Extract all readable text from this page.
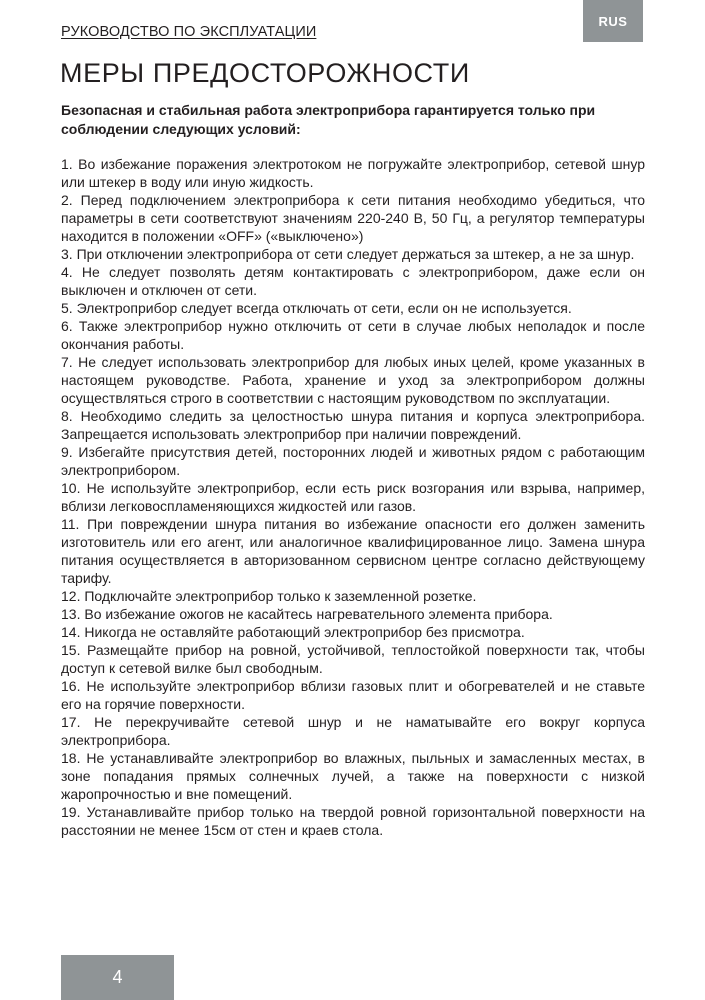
RUS
РУКОВОДСТВО ПО ЭКСПЛУАТАЦИИ
МЕРЫ ПРЕДОСТОРОЖНОСТИ

Безопасная и стабильная работа электроприбора гарантируется только при соблюдении следующих условий:

1. Во избежание поражения электротоком не погружайте электроприбор, сетевой шнур или штекер в воду или иную жидкость.

2. Перед подключением электроприбора к сети питания необходимо убедиться, что параметры в сети соответствуют значениям 220-240 В, 50 Гц, а регулятор температуры находится в положении «OFF» («выключено»)

3. При отключении электроприбора от сети следует держаться за штекер, а не за шнур.

4. Не следует позволять детям контактировать с электроприбором, даже если он выключен и отключен от сети.

5. Электроприбор следует всегда отключать от сети, если он не используется.

6. Также электроприбор нужно отключить от сети в случае любых неполадок и после окончания работы.

7. Не следует использовать электроприбор для любых иных целей, кроме указанных в настоящем руководстве. Работа, хранение и уход за электроприбором должны осуществляться строго в соответствии с настоящим руководством по эксплуатации.

8. Необходимо следить за целостностью шнура питания и корпуса электроприбора. Запрещается использовать электроприбор при наличии повреждений.

9. Избегайте присутствия детей, посторонних людей и животных рядом с работающим электроприбором.

10. Не используйте электроприбор, если есть риск возгорания или взрыва, например, вблизи легковоспламеняющихся жидкостей или газов.

11. При повреждении шнура питания во избежание опасности его должен заменить изготовитель или его агент, или аналогичное квалифицированное лицо. Замена шнура питания осуществляется в авторизованном сервисном центре согласно действующему тарифу.

12. Подключайте электроприбор только к заземленной розетке.

13. Во избежание ожогов не касайтесь нагревательного элемента прибора.

14. Никогда не оставляйте работающий электроприбор без присмотра.

15. Размещайте прибор на ровной, устойчивой, теплостойкой поверхности так, чтобы доступ к сетевой вилке был свободным.

16. Не используйте электроприбор вблизи газовых плит и обогревателей и не ставьте его на горячие поверхности.

17. Не перекручивайте сетевой шнур и не наматывайте его вокруг корпуса электроприбора.

18. Не устанавливайте электроприбор во влажных, пыльных и замасленных местах, в зоне попадания прямых солнечных лучей, а также на поверхности с низкой жаропрочностью и вне помещений.

19. Устанавливайте прибор только на твердой ровной горизонтальной поверхности на расстоянии не менее 15см от стен и краев стола.

4
